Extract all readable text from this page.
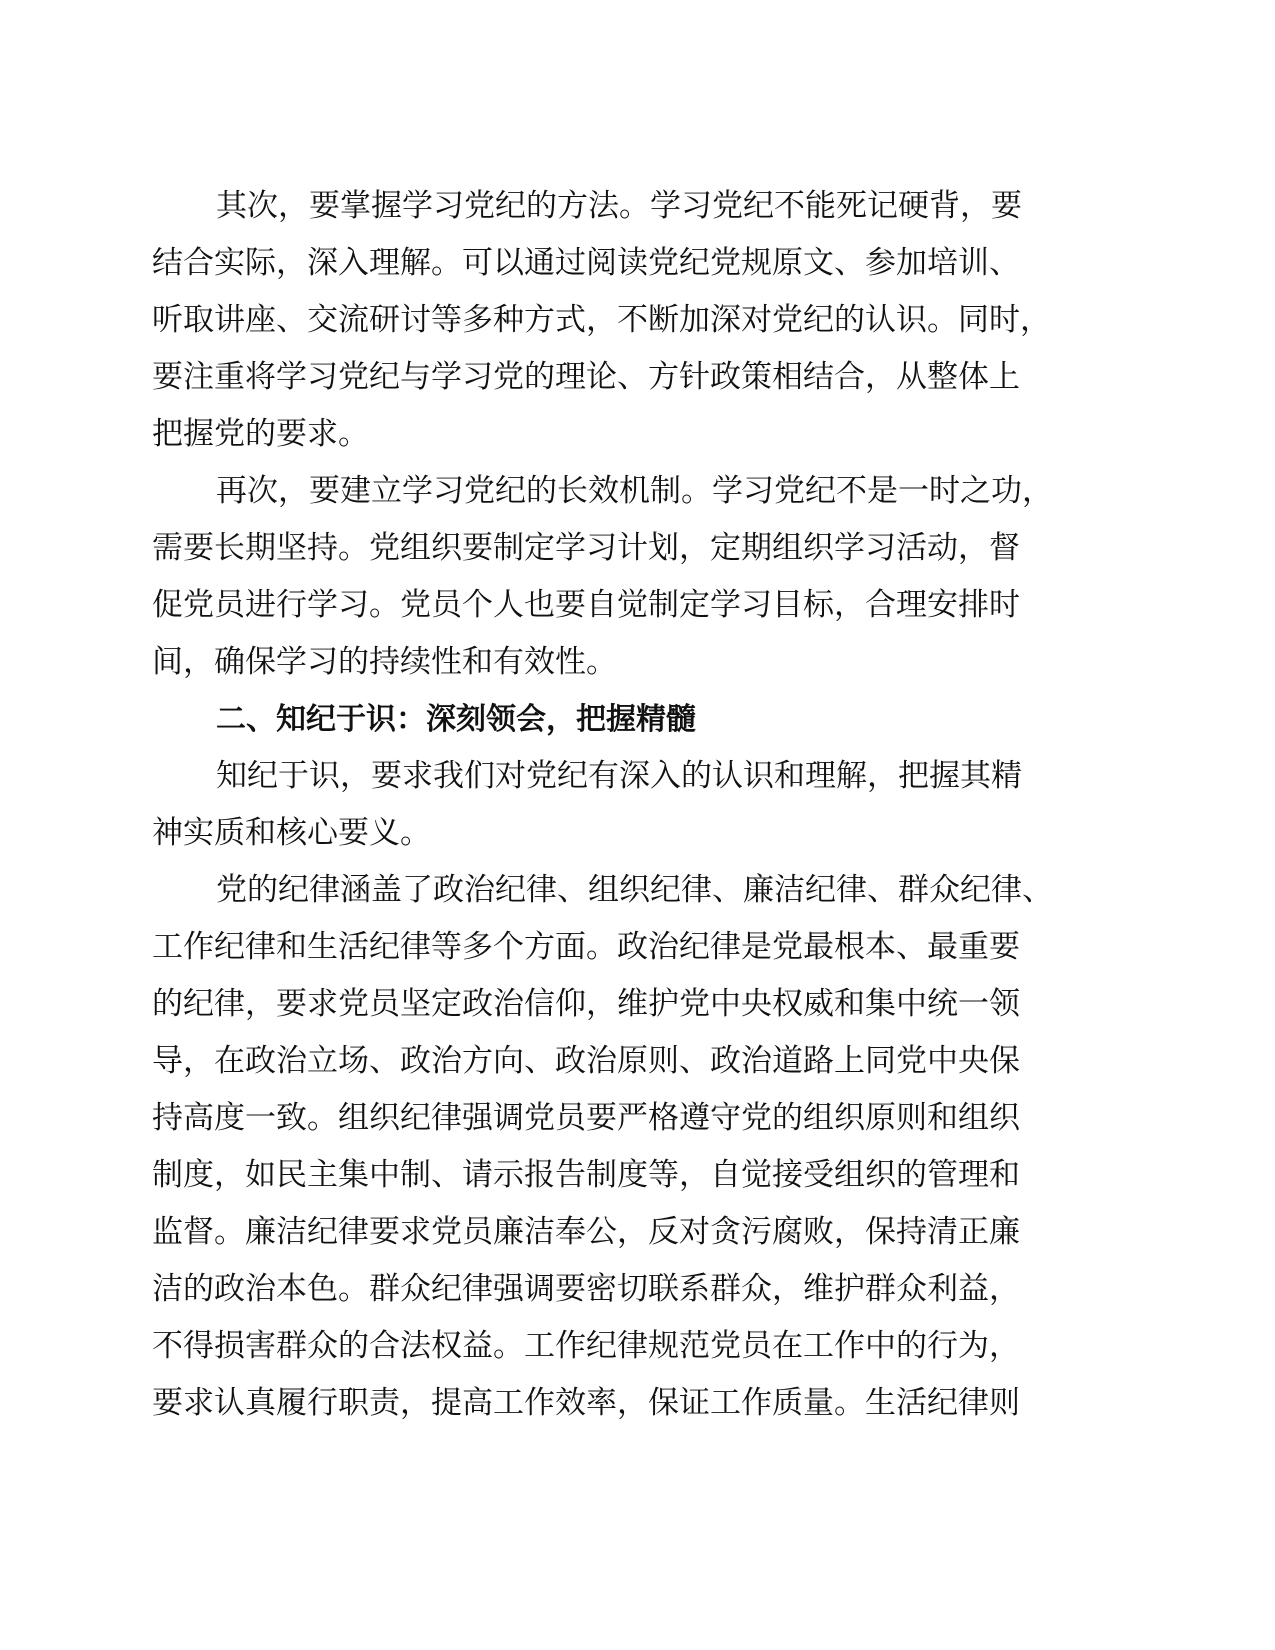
其次，要掌握学习党纪的方法。学习党纪不能死记硬背，要
结合实际，深入理解。可以通过阅读党纪党规原文、参加培训、
听取讲座、交流研讨等多种方式，不断加深对党纪的认识。同时，
要注重将学习党纪与学习党的理论、方针政策相结合，从整体上
把握党的要求。
再次，要建立学习党纪的长效机制。学习党纪不是一时之功，
需要长期坚持。党组织要制定学习计划，定期组织学习活动，督
促党员进行学习。党员个人也要自觉制定学习目标，合理安排时
间，确保学习的持续性和有效性。
二、知纪于识：深刻领会，把握精髓
知纪于识，要求我们对党纪有深入的认识和理解，把握其精
神实质和核心要义。
党的纪律涵盖了政治纪律、组织纪律、廉洁纪律、群众纪律、
工作纪律和生活纪律等多个方面。政治纪律是党最根本、最重要
的纪律，要求党员坚定政治信仰，维护党中央权威和集中统一领
导，在政治立场、政治方向、政治原则、政治道路上同党中央保
持高度一致。组织纪律强调党员要严格遵守党的组织原则和组织
制度，如民主集中制、请示报告制度等，自觉接受组织的管理和
监督。廉洁纪律要求党员廉洁奉公，反对贪污腐败，保持清正廉
洁的政治本色。群众纪律强调要密切联系群众，维护群众利益，
不得损害群众的合法权益。工作纪律规范党员在工作中的行为，
要求认真履行职责，提高工作效率，保证工作质量。生活纪律则
